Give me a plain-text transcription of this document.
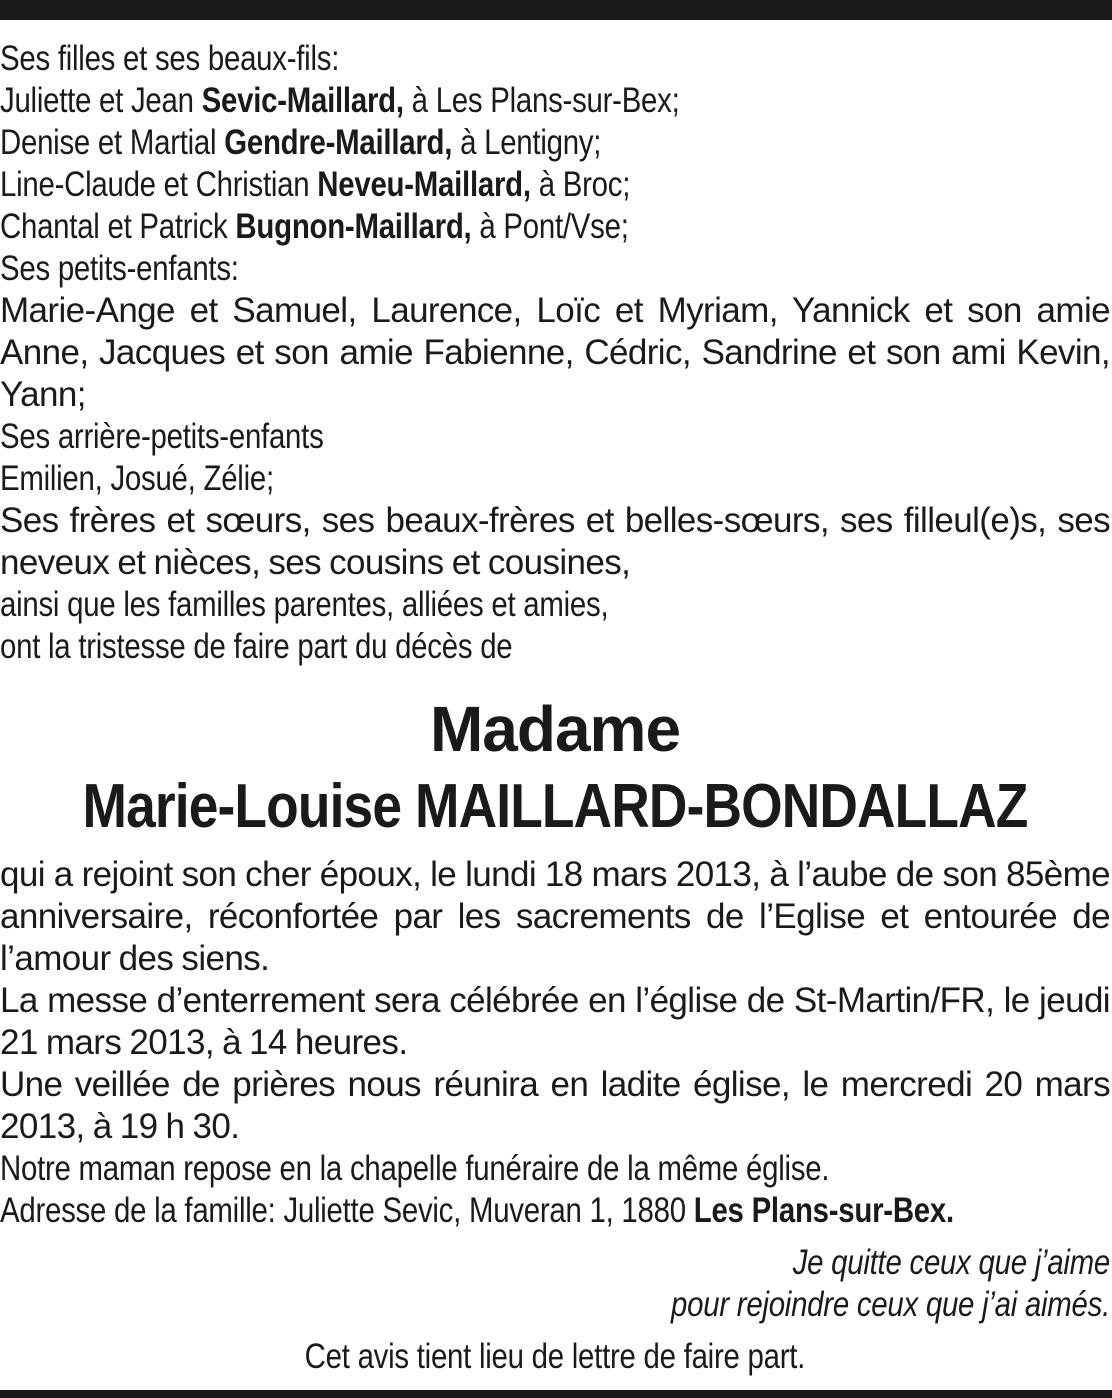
Ses filles et ses beaux-fils:
Juliette et Jean Sevic-Maillard, à Les Plans-sur-Bex;
Denise et Martial Gendre-Maillard, à Lentigny;
Line-Claude et Christian Neveu-Maillard, à Broc;
Chantal et Patrick Bugnon-Maillard, à Pont/Vse;
Ses petits-enfants:

Marie-Ange et Samuel, Laurence, Loïc et Myriam, Yannick et son amie Anne, Jacques et son amie Fabienne, Cédric, Sandrine et son ami Kevin, Yann;

Ses arrière-petits-enfants
Emilien, Josué, Zélie;

Ses frères et sœurs, ses beaux-frères et belles-sœurs, ses filleul(e)s, ses neveux et nièces, ses cousins et cousines,

ainsi que les familles parentes, alliées et amies,
ont la tristesse de faire part du décès de
Madame
Marie-Louise MAILLARD-BONDALLAZ

qui a rejoint son cher époux, le lundi 18 mars 2013, à l’aube de son 85ème anniversaire, réconfortée par les sacrements de l’Eglise et entourée de l’amour des siens.

La messe d’enterrement sera célébrée en l’église de St-Martin/FR, le jeudi 21 mars 2013, à 14 heures.

Une veillée de prières nous réunira en ladite église, le mercredi 20 mars 2013, à 19 h 30.

Notre maman repose en la chapelle funéraire de la même église.
Adresse de la famille: Juliette Sevic, Muveran 1, 1880 Les Plans-sur-Bex.
Je quitte ceux que j’aime
pour rejoindre ceux que j’ai aimés.
Cet avis tient lieu de lettre de faire part.
